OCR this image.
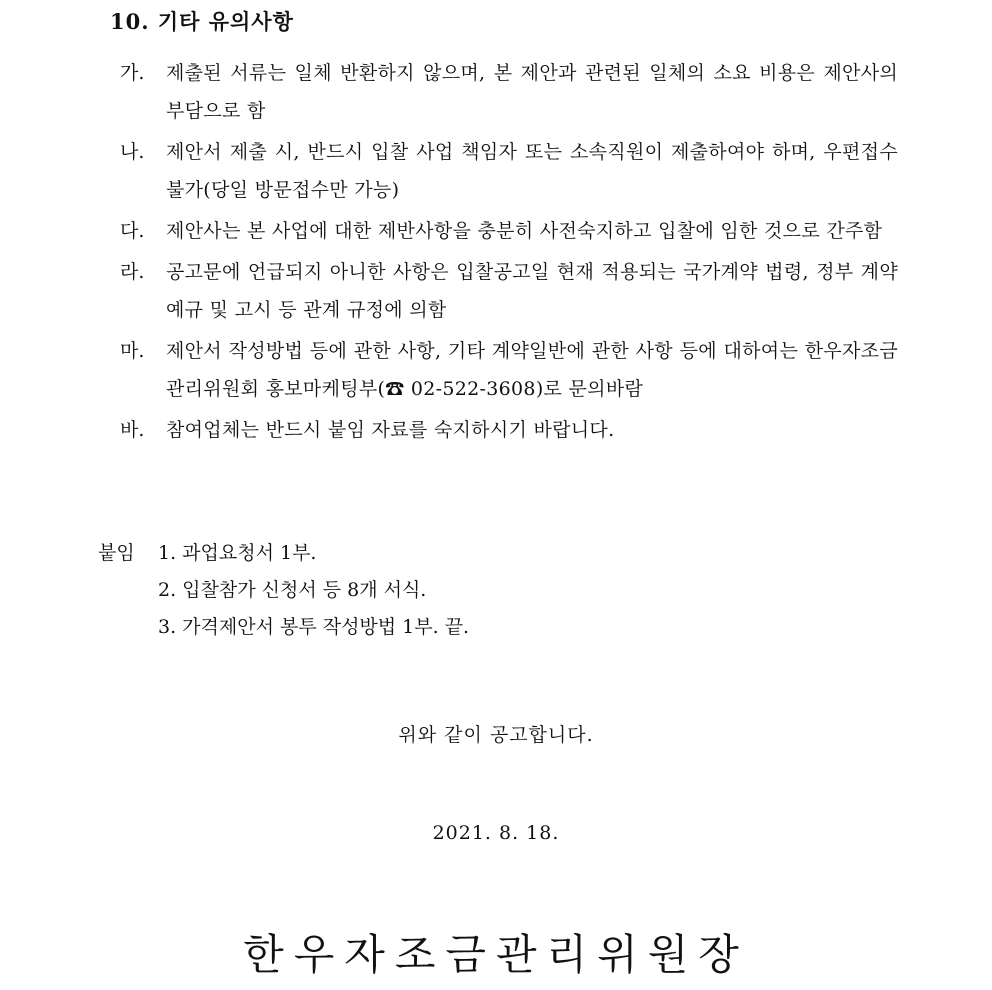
10. 기타 유의사항
가.	제출된 서류는 일체 반환하지 않으며, 본 제안과 관련된 일체의 소요 비용은 제안사의 부담으로 함
나.	제안서 제출 시, 반드시 입찰 사업 책임자 또는 소속직원이 제출하여야 하며, 우편접수 불가(당일 방문접수만 가능)
다.	제안사는 본 사업에 대한 제반사항을 충분히 사전숙지하고 입찰에 임한 것으로 간주함
라.	공고문에 언급되지 아니한 사항은 입찰공고일 현재 적용되는 국가계약 법령, 정부 계약예규 및 고시 등 관계 규정에 의함
마.	제안서 작성방법 등에 관한 사항, 기타 계약일반에 관한 사항 등에 대하여는 한우자조금관리위원회 홍보마케팅부(☎ 02-522-3608)로 문의바람
바.	참여업체는 반드시 붙임 자료를 숙지하시기 바랍니다.
붙임	1. 과업요청서 1부.
2. 입찰참가 신청서 등 8개 서식.
3. 가격제안서 봉투 작성방법 1부. 끝.
위와 같이 공고합니다.
2021. 8. 18.
한우자조금관리위원장
